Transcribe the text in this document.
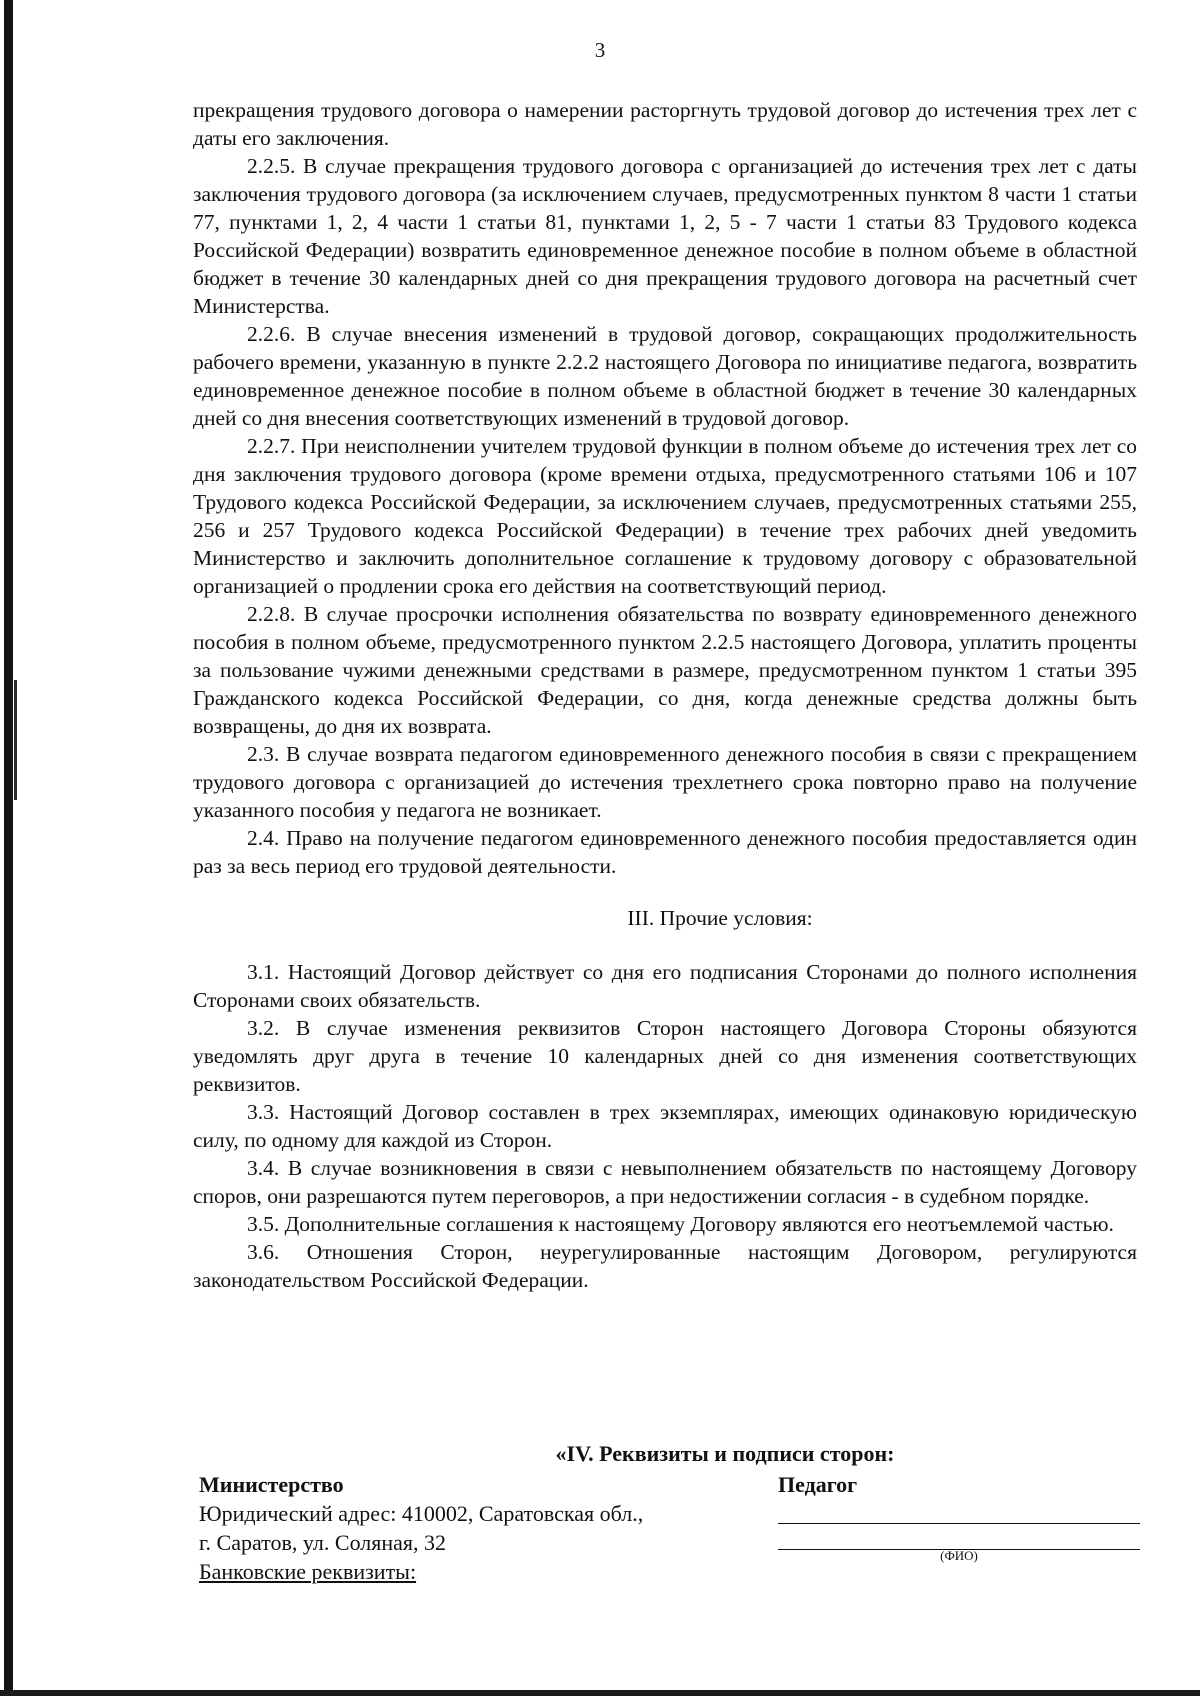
3

прекращения трудового договора о намерении расторгнуть трудовой договор до истечения трех лет с даты его заключения.

2.2.5. В случае прекращения трудового договора с организацией до истечения трех лет с даты заключения трудового договора (за исключением случаев, предусмотренных пунктом 8 части 1 статьи 77, пунктами 1, 2, 4 части 1 статьи 81, пунктами 1, 2, 5 - 7 части 1 статьи 83 Трудового кодекса Российской Федерации) возвратить единовременное денежное пособие в полном объеме в областной бюджет в течение 30 календарных дней со дня прекращения трудового договора на расчетный счет Министерства.

2.2.6. В случае внесения изменений в трудовой договор, сокращающих продолжительность рабочего времени, указанную в пункте 2.2.2 настоящего Договора по инициативе педагога, возвратить единовременное денежное пособие в полном объеме в областной бюджет в течение 30 календарных дней со дня внесения соответствующих изменений в трудовой договор.

2.2.7. При неисполнении учителем трудовой функции в полном объеме до истечения трех лет со дня заключения трудового договора (кроме времени отдыха, предусмотренного статьями 106 и 107 Трудового кодекса Российской Федерации, за исключением случаев, предусмотренных статьями 255, 256 и 257 Трудового кодекса Российской Федерации) в течение трех рабочих дней уведомить Министерство и заключить дополнительное соглашение к трудовому договору с образовательной организацией о продлении срока его действия на соответствующий период.

2.2.8. В случае просрочки исполнения обязательства по возврату единовременного денежного пособия в полном объеме, предусмотренного пунктом 2.2.5 настоящего Договора, уплатить проценты за пользование чужими денежными средствами в размере, предусмотренном пунктом 1 статьи 395 Гражданского кодекса Российской Федерации, со дня, когда денежные средства должны быть возвращены, до дня их возврата.

2.3. В случае возврата педагогом единовременного денежного пособия в связи с прекращением трудового договора с организацией до истечения трехлетнего срока повторно право на получение указанного пособия у педагога не возникает.

2.4. Право на получение педагогом единовременного денежного пособия предоставляется один раз за весь период его трудовой деятельности.

III. Прочие условия:

3.1. Настоящий Договор действует со дня его подписания Сторонами до полного исполнения Сторонами своих обязательств.

3.2. В случае изменения реквизитов Сторон настоящего Договора Стороны обязуются уведомлять друг друга в течение 10 календарных дней со дня изменения соответствующих реквизитов.

3.3. Настоящий Договор составлен в трех экземплярах, имеющих одинаковую юридическую силу, по одному для каждой из Сторон.

3.4. В случае возникновения в связи с невыполнением обязательств по настоящему Договору споров, они разрешаются путем переговоров, а при недостижении согласия - в судебном порядке.

3.5. Дополнительные соглашения к настоящему Договору являются его неотъемлемой частью.

3.6. Отношения Сторон, неурегулированные настоящим Договором, регулируются законодательством Российской Федерации.

«IV. Реквизиты и подписи сторон:
Министерство
Юридический адрес: 410002, Саратовская обл.,
г. Саратов, ул. Соляная, 32
Банковские реквизиты:
Педагог
(ФИО)
